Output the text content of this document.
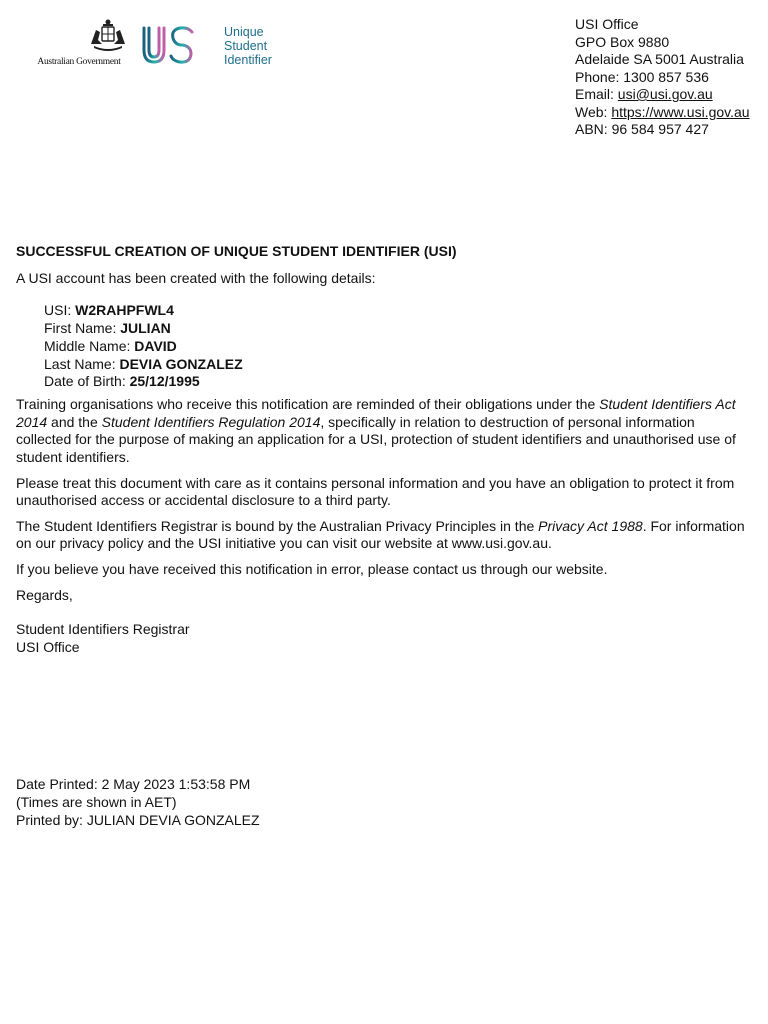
Australian Government
Unique
Student
Identifier
USI Office
GPO Box 9880
Adelaide SA 5001 Australia
Phone: 1300 857 536
Email: usi@usi.gov.au
Web: https://www.usi.gov.au
ABN: 96 584 957 427
SUCCESSFUL CREATION OF UNIQUE STUDENT IDENTIFIER (USI)

A USI account has been created with the following details:

USI: W2RAHPFWL4
First Name: JULIAN
Middle Name: DAVID
Last Name: DEVIA GONZALEZ
Date of Birth: 25/12/1995

Training organisations who receive this notification are reminded of their obligations under the Student Identifiers Act 2014 and the Student Identifiers Regulation 2014, specifically in relation to destruction of personal information collected for the purpose of making an application for a USI, protection of student identifiers and unauthorised use of student identifiers.

Please treat this document with care as it contains personal information and you have an obligation to protect it from unauthorised access or accidental disclosure to a third party.

The Student Identifiers Registrar is bound by the Australian Privacy Principles in the Privacy Act 1988. For information on our privacy policy and the USI initiative you can visit our website at www.usi.gov.au.

If you believe you have received this notification in error, please contact us through our website.

Regards,

Student Identifiers Registrar
USI Office
Date Printed: 2 May 2023 1:53:58 PM
(Times are shown in AET)
Printed by: JULIAN DEVIA GONZALEZ
